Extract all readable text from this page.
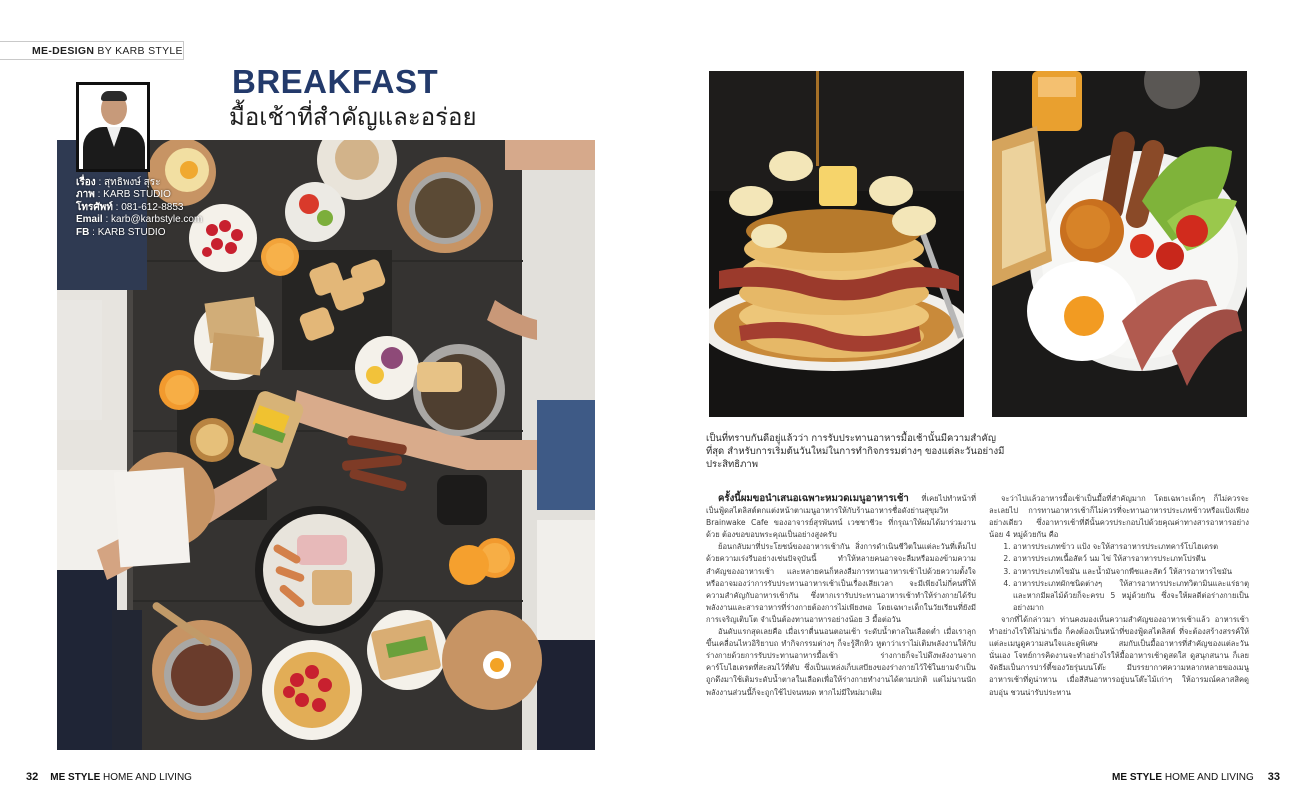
ME-DESIGN BY KARB STYLE
BREAKFAST
มื้อเช้าที่สำคัญและอร่อย
เรื่อง : สุทธิพงษ์ สุระ
ภาพ : KARB STUDIO
โทรศัพท์ : 081-612-8853
Email : karb@karbstyle.com
FB : KARB STUDIO
เป็นที่ทราบกันดีอยู่แล้วว่า การรับประทานอาหารมื้อเช้านั้นมีความสำคัญที่สุด สำหรับการเริ่มต้นวันใหม่ในการทำกิจกรรมต่างๆ ของแต่ละวันอย่างมีประสิทธิภาพ

ครั้งนี้ผมขอนำเสนอเฉพาะหมวดเมนูอาหารเช้า ที่เคยไปทำหน้าที่เป็นฟู้ดสไตลิสต์ตกแต่งหน้าตาเมนูอาหารให้กับร้านอาหารชื่อดังย่านสุขุมวิท Brainwake Cafe ของอาจารย์สุรพันทน์ เวชชาชีวะ ที่กรุณาให้ผมได้มาร่วมงานด้วย ต้องขอขอบพระคุณเป็นอย่างสูงครับ

ย้อนกลับมาที่ประโยชน์ของอาหารเช้ากัน สิ่งการดำเนินชีวิตในแต่ละวันที่เต็มไปด้วยความเร่งรีบอย่างเช่นปัจจุบันนี้ ทำให้หลายคนอาจจะลืมหรือมองข้ามความสำคัญของอาหารเช้า และหลายคนก็หลงลืมการทานอาหารเช้าไปด้วยความตั้งใจ หรืออาจมองว่าการรับประทานอาหารเช้าเป็นเรื่องเสียเวลา จะมีเพียงไม่กี่คนที่ให้ความสำคัญกับอาหารเช้ากัน ซึ่งหากเรารับประทานอาหารเช้าทำให้ร่างกายได้รับพลังงานและสารอาหารที่ร่างกายต้องการไม่เพียงพอ โดยเฉพาะเด็กในวัยเรียนที่ยังมีการเจริญเติบโต จำเป็นต้องทานอาหารอย่างน้อย 3 มื้อต่อวัน

อันดับแรกสุดเลยคือ เมื่อเราตื่นนอนตอนเช้า ระดับน้ำตาลในเลือดต่ำ เมื่อเราลุกขึ้นเคลื่อนไหวอิริยาบถ ทำกิจกรรมต่างๆ ก็จะรู้สึกหิว หูตาว่าเราไม่เติมพลังงานให้กับร่างกายด้วยการรับประทานอาหารมื้อเช้า ร่างกายก็จะไปดึงพลังงานจากคาร์โบไฮเดรตที่สะสมไว้ที่ตับ ซึ่งเป็นแหล่งเก็บเสบียงของร่างกายไว้ใช้ในยามจำเป็น ถูกดึงมาใช้เติมระดับน้ำตาลในเลือดเพื่อให้ร่างกายทำงานได้ตามปกติ แต่ไม่นานนักพลังงานส่วนนี้ก็จะถูกใช้ไปจนหมด หากไม่มีใหม่มาเติม

จะว่าไปแล้วอาหารมื้อเช้าเป็นมื้อที่สำคัญมาก โดยเฉพาะเด็กๆ ก็ไม่ควรจะละเลยไป การทานอาหารเช้าก็ไม่ควรที่จะทานอาหารประเภทข้าวหรือแป้งเพียงอย่างเดียว ซึ่งอาหารเช้าที่ดีนั้นควรประกอบไปด้วยคุณค่าทางสารอาหารอย่างน้อย 4 หมู่ด้วยกัน คือ

1. อาหารประเภทข้าว แป้ง จะให้สารอาหารประเภทคาร์โบไฮเดรต
2. อาหารประเภทเนื้อสัตว์ นม ไข่ ให้สารอาหารประเภทโปรตีน
3. อาหารประเภทไขมัน และน้ำมันจากพืชและสัตว์ ให้สารอาหารไขมัน
4. อาหารประเภทผักชนิดต่างๆ ให้สารอาหารประเภทวิตามินและแร่ธาตุ และหากมีผลไม้ด้วยก็จะครบ 5 หมู่ด้วยกัน ซึ่งจะให้ผลดีต่อร่างกายเป็นอย่างมาก

จากที่ได้กล่าวมา ท่านคงมองเห็นความสำคัญของอาหารเช้าแล้ว อาหารเช้าทำอย่างไรให้ไม่น่าเบื่อ ก็คงต้องเป็นหน้าที่ของฟู้ดสไตลิสต์ ที่จะต้องสร้างสรรค์ให้แต่ละเมนูดูความสนใจและดูพิเศษ สมกับเป็นมื้ออาหารที่สำคัญของแต่ละวันนั่นเอง โจทย์การคิดงานจะทำอย่างไรให้มื้ออาหารเช้าดูสดใส ดูสนุกสนาน ก็เลยจัดธีมเป็นการปาร์ตี้ของวัยรุ่นบนโต๊ะ มีบรรยากาศความหลากหลายของเมนูอาหารเช้าที่ดูน่าทาน เมื่อสีสันอาหารอยู่บนโต๊ะไม้เก่าๆ ให้อารมณ์คลาสสิคดูอบอุ่น ชวนน่ารับประทาน

32 ME STYLE HOME AND LIVING	ME STYLE HOME AND LIVING 33
